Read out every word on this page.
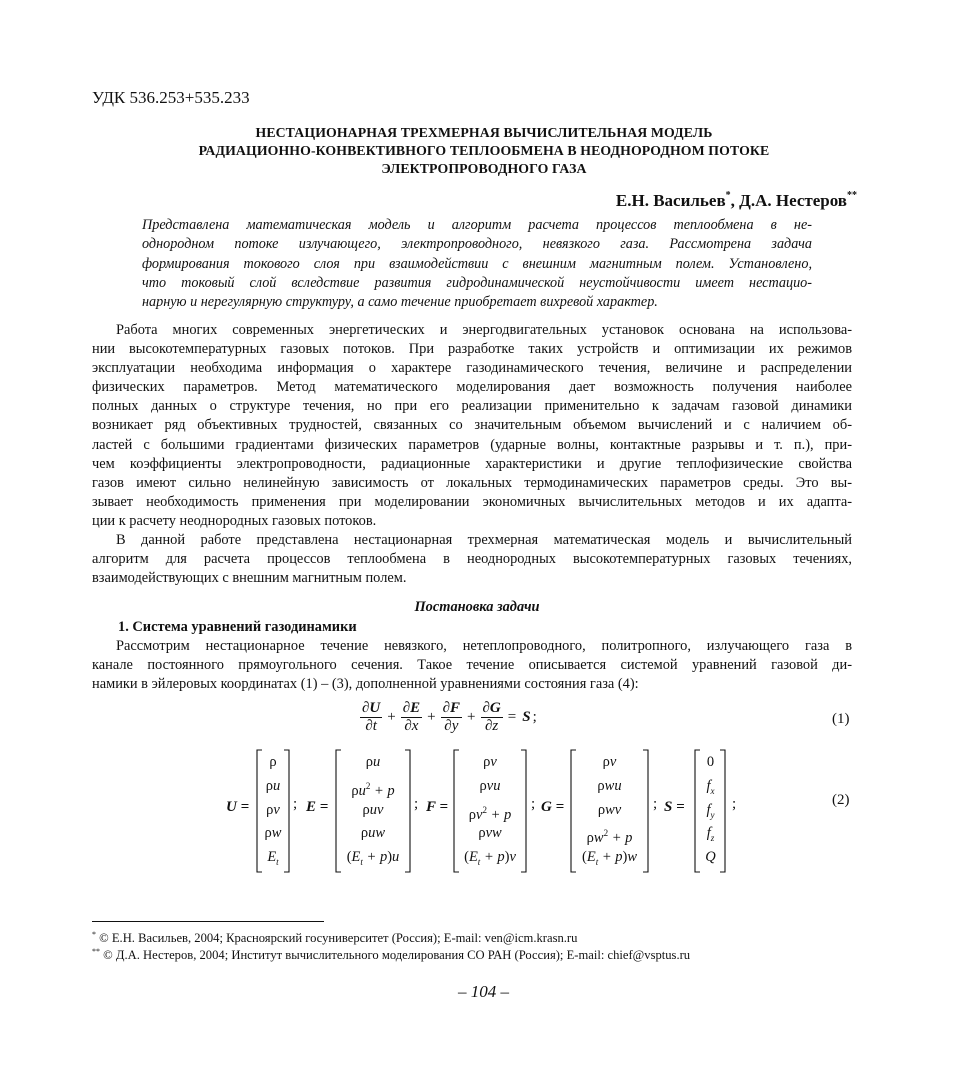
УДК 536.253+535.233
НЕСТАЦИОНАРНАЯ ТРЕХМЕРНАЯ ВЫЧИСЛИТЕЛЬНАЯ МОДЕЛЬ
РАДИАЦИОННО-КОНВЕКТИВНОГО ТЕПЛООБМЕНА В НЕОДНОРОДНОМ ПОТОКЕ
ЭЛЕКТРОПРОВОДНОГО ГАЗА
Е.Н. Васильев*, Д.А. Нестеров**
Представлена математическая модель и алгоритм расчета процессов теплообмена в не-
однородном потоке излучающего, электропроводного, невязкого газа. Рассмотрена задача
формирования токового слоя при взаимодействии с внешним магнитным полем. Установлено,
что токовый слой вследствие развития гидродинамической неустойчивости имеет нестацио-
нарную и нерегулярную структуру, а само течение приобретает вихревой характер.
Работа многих современных энергетических и энергодвигательных установок основана на использова-
нии высокотемпературных газовых потоков. При разработке таких устройств и оптимизации их режимов
эксплуатации необходима информация о характере газодинамического течения, величине и распределении
физических параметров. Метод математического моделирования дает возможность получения наиболее
полных данных о структуре течения, но при его реализации применительно к задачам газовой динамики
возникает ряд объективных трудностей, связанных со значительным объемом вычислений и с наличием об-
ластей с большими градиентами физических параметров (ударные волны, контактные разрывы и т. п.), при-
чем коэффициенты электропроводности, радиационные характеристики и другие теплофизические свойства
газов имеют сильно нелинейную зависимость от локальных термодинамических параметров среды. Это вы-
зывает необходимость применения при моделировании экономичных вычислительных методов и их адапта-
ции к расчету неоднородных газовых потоков.
В данной работе представлена нестационарная трехмерная математическая модель и вычислительный
алгоритм для расчета процессов теплообмена в неоднородных высокотемпературных газовых течениях,
взаимодействующих с внешним магнитным полем.
Постановка задачи
1. Система уравнений газодинамики
Рассмотрим нестационарное течение невязкого, нетеплопроводного, политропного, излучающего газа в
канале постоянного прямоугольного сечения. Такое течение описывается системой уравнений газовой ди-
намики в эйлеровых координатах (1) – (3), дополненной уравнениями состояния газа (4):
$\frac{\partial U}{\partial t} + \frac{\partial E}{\partial x} + \frac{\partial F}{\partial y} + \frac{\partial G}{\partial z} = S$ ;	(1)
U =
ρ
ρu
ρv
ρw
$E_t$
; E =
ρu
$\rho u^2 + p$
ρuv
ρuw
$(E_t + p)u$
; F =
ρv
ρvu
$\rho v^2 + p$
ρvw
$(E_t + p)v$
; G =
ρv
ρwu
ρwv
$\rho w^2 + p$
$(E_t + p)w$
; S =
0
$f_x$
$f_y$
$f_z$
Q
;	(2)
* © Е.Н. Васильев, 2004; Красноярский госуниверситет (Россия); E-mail: ven@icm.krasn.ru
** © Д.А. Нестеров, 2004; Институт вычислительного моделирования СО РАН (Россия); E-mail: chief@vsptus.ru
– 104 –
